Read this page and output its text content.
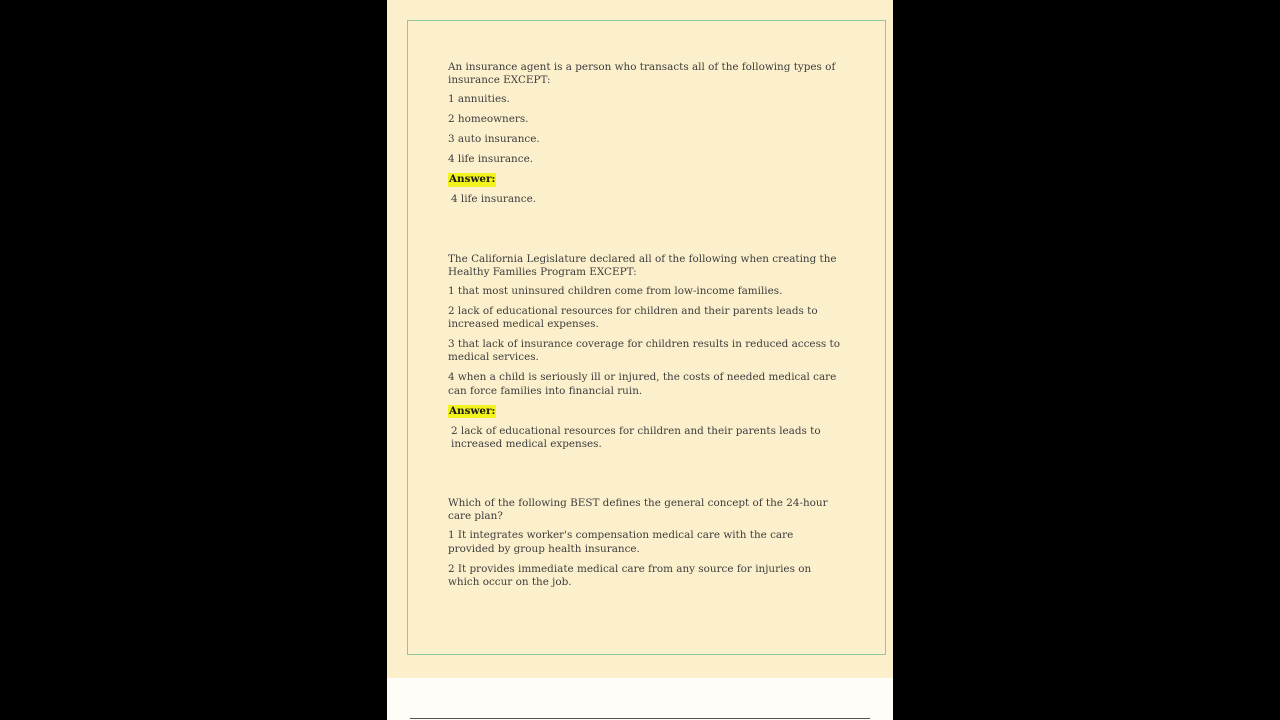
An insurance agent is a person who transacts all of the following types of insurance EXCEPT:

1 annuities.

2 homeowners.

3 auto insurance.

4 life insurance.

Answer:

4 life insurance.

The California Legislature declared all of the following when creating the Healthy Families Program EXCEPT:

1 that most uninsured children come from low-income families.

2 lack of educational resources for children and their parents leads to increased medical expenses.

3 that lack of insurance coverage for children results in reduced access to medical services.

4 when a child is seriously ill or injured, the costs of needed medical care can force families into financial ruin.

Answer:

2 lack of educational resources for children and their parents leads to increased medical expenses.

Which of the following BEST defines the general concept of the 24-hour care plan?

1 It integrates worker's compensation medical care with the care provided by group health insurance.

2 It provides immediate medical care from any source for injuries on which occur on the job.
